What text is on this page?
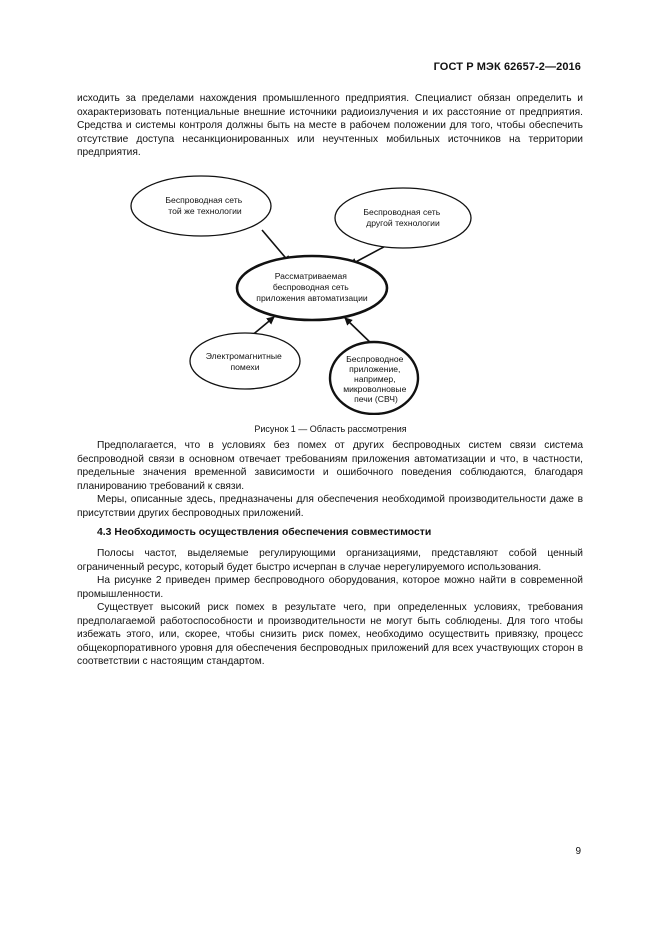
ГОСТ Р МЭК 62657-2—2016

исходить за пределами нахождения промышленного предприятия. Специалист обязан определить и охарактеризовать потенциальные внешние источники радиоизлучения и их расстояние от предприятия. Средства и системы контроля должны быть на месте в рабочем положении для того, чтобы обеспечить отсутствие доступа несанкционированных или неучтенных мобильных источников на территории предприятия.

Беспроводная сеть той же технологии	Беспроводная сеть другой технологии
Рассматриваемая беспроводная сеть приложения автоматизации
Электромагнитные помехи
Беспроводное приложение, например, микроволновые печи (СВЧ)
Рисунок 1 — Область рассмотрения

Предполагается, что в условиях без помех от других беспроводных систем связи система беспроводной связи в основном отвечает требованиям приложения автоматизации и что, в частности, предельные значения временной зависимости и ошибочного поведения соблюдаются, благодаря планированию требований к связи.

Меры, описанные здесь, предназначены для обеспечения необходимой производительности даже в присутствии других беспроводных приложений.

4.3 Необходимость осуществления обеспечения совместимости

Полосы частот, выделяемые регулирующими организациями, представляют собой ценный ограниченный ресурс, который будет быстро исчерпан в случае нерегулируемого использования.

На рисунке 2 приведен пример беспроводного оборудования, которое можно найти в современной промышленности.

Существует высокий риск помех в результате чего, при определенных условиях, требования предполагаемой работоспособности и производительности не могут быть соблюдены. Для того чтобы избежать этого, или, скорее, чтобы снизить риск помех, необходимо осуществить привязку, процесс общекорпоративного уровня для обеспечения беспроводных приложений для всех участвующих сторон в соответствии с настоящим стандартом.

9
